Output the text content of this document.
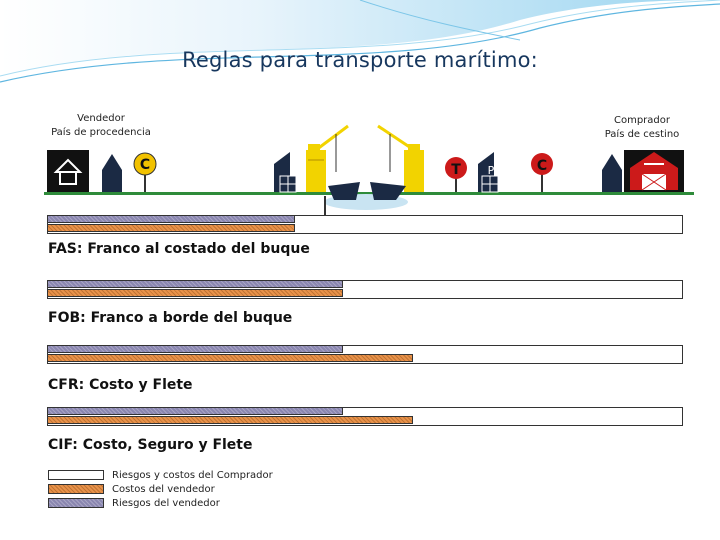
Reglas para transporte marítimo:
Vendedor
País de procedencia
Comprador
País de cestino
C	T P	C
FAS: Franco al costado del buque
FOB: Franco a borde del buque
CFR: Costo y Flete
CIF: Costo, Seguro y Flete
Riesgos y costos del Comprador
Costos del vendedor
Riesgos del vendedor
